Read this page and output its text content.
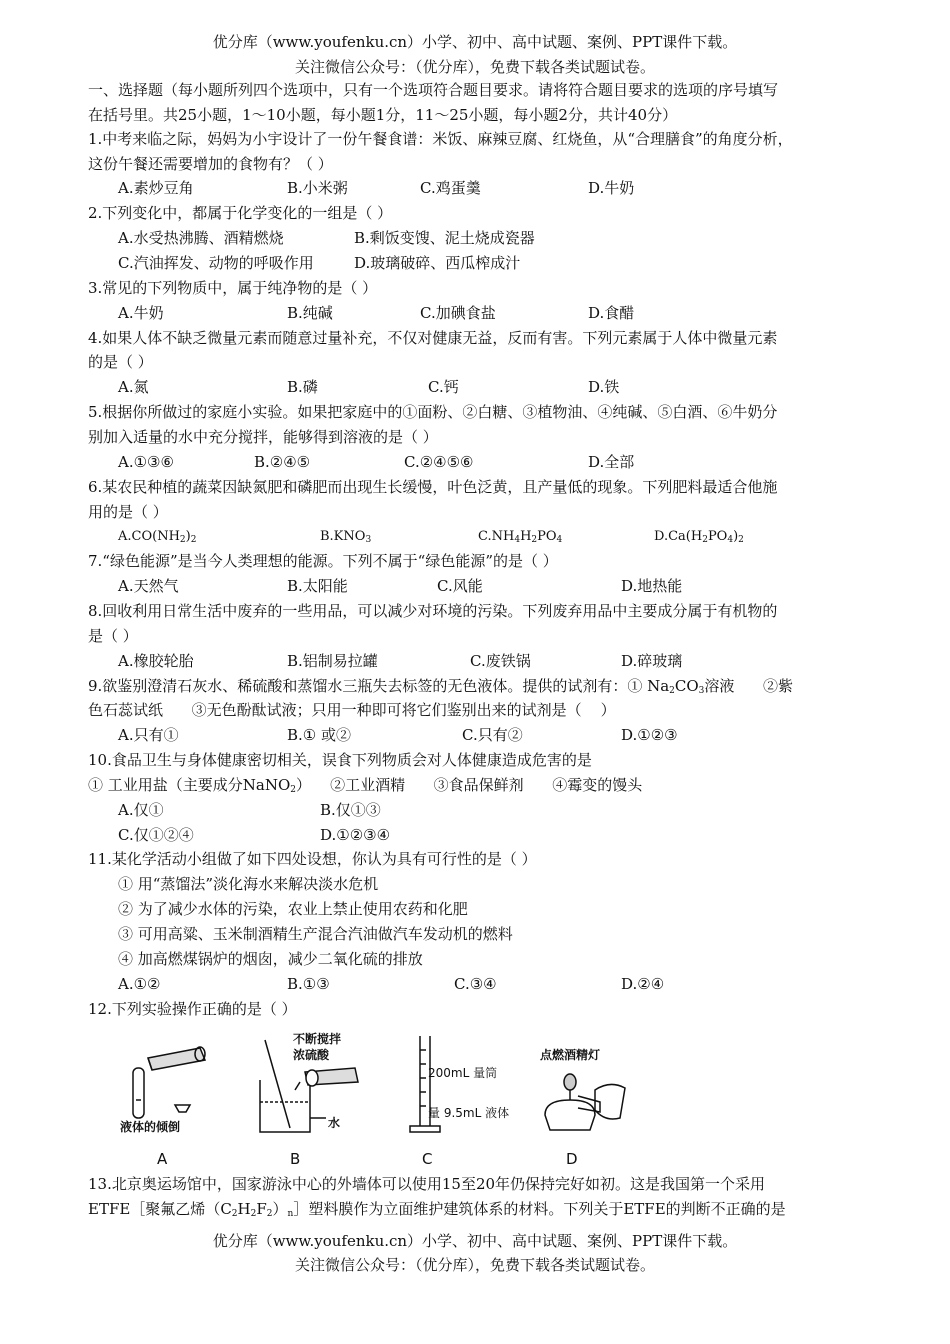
优分库（www.youfenku.cn）小学、初中、高中试题、案例、PPT课件下载。
关注微信公众号：（优分库），免费下载各类试题试卷。
一、选择题（每小题所列四个选项中，只有一个选项符合题目要求。请将符合题目要求的选项的序号填写
在括号里。共25小题，1～10小题，每小题1分，11～25小题，每小题2分，共计40分）
1.中考来临之际，妈妈为小宇设计了一份午餐食谱：米饭、麻辣豆腐、红烧鱼，从“合理膳食”的角度分析，
这份午餐还需要增加的食物有？（ ）
A.素炒豆角	B.小米粥	C.鸡蛋羹	D.牛奶
2.下列变化中，都属于化学变化的一组是（ ）
A.水受热沸腾、酒精燃烧	B.剩饭变馊、泥土烧成瓷器
C.汽油挥发、动物的呼吸作用	D.玻璃破碎、西瓜榨成汁
3.常见的下列物质中，属于纯净物的是（ ）
A.牛奶	B.纯碱	C.加碘食盐	D.食醋
4.如果人体不缺乏微量元素而随意过量补充，不仅对健康无益，反而有害。下列元素属于人体中微量元素
的是（ ）
A.氮	B.磷	C.钙	D.铁
5.根据你所做过的家庭小实验。如果把家庭中的①面粉、②白糖、③植物油、④纯碱、⑤白酒、⑥牛奶分
别加入适量的水中充分搅拌，能够得到溶液的是（ ）
A.①③⑥	B.②④⑤	C.②④⑤⑥	D.全部
6.某农民种植的蔬菜因缺氮肥和磷肥而出现生长缓慢，叶色泛黄，且产量低的现象。下列肥料最适合他施
用的是（ ）
$A.CO(NH_2)_2$	$B.KNO_3$	$C.NH_4H_2PO_4$	$D.Ca(H_2PO_4)_2$
7.“绿色能源”是当今人类理想的能源。下列不属于“绿色能源”的是（ ）
A.天然气	B.太阳能	C.风能	D.地热能
8.回收利用日常生活中废弃的一些用品，可以减少对环境的污染。下列废弃用品中主要成分属于有机物的
是（ ）
A.橡胶轮胎	B.铝制易拉罐	C.废铁锅	D.碎玻璃
9.欲鉴别澄清石灰水、稀硫酸和蒸馏水三瓶失去标签的无色液体。提供的试剂有：① $Na_2CO_3$溶液      ②紫
色石蕊试纸      ③无色酚酞试液；只用一种即可将它们鉴别出来的试剂是（    ）
A.只有①	B.① 或②	C.只有②	D.①②③
10.食品卫生与身体健康密切相关，误食下列物质会对人体健康造成危害的是
① 工业用盐（主要成分NaNO$_2$）    ②工业酒精      ③食品保鲜剂      ④霉变的馒头
A.仅①	B.仅①③
C.仅①②④	D.①②③④
11.某化学活动小组做了如下四处设想，你认为具有可行性的是（ ）
① 用“蒸馏法”淡化海水来解决淡水危机
② 为了减少水体的污染，农业上禁止使用农药和化肥
③ 可用高粱、玉米制酒精生产混合汽油做汽车发动机的燃料
④ 加高燃煤锅炉的烟囱，减少二氧化硫的排放
A.①②	B.①③	C.③④	D.②④
12.下列实验操作正确的是（ ）
液体的倾倒
不断搅拌
浓硫酸
水
200mL 量筒
量 9.5mL 液体
点燃酒精灯
A	B	C	D
13.北京奥运场馆中，国家游泳中心的外墙体可以使用15至20年仍保持完好如初。这是我国第一个采用
ETFE［聚氟乙烯$(C_2H_2F_2)_n]$塑料膜作为立面维护建筑体系的材料。下列关于ETFE的判断不正确的是
优分库（www.youfenku.cn）小学、初中、高中试题、案例、PPT课件下载。
关注微信公众号：（优分库），免费下载各类试题试卷。
